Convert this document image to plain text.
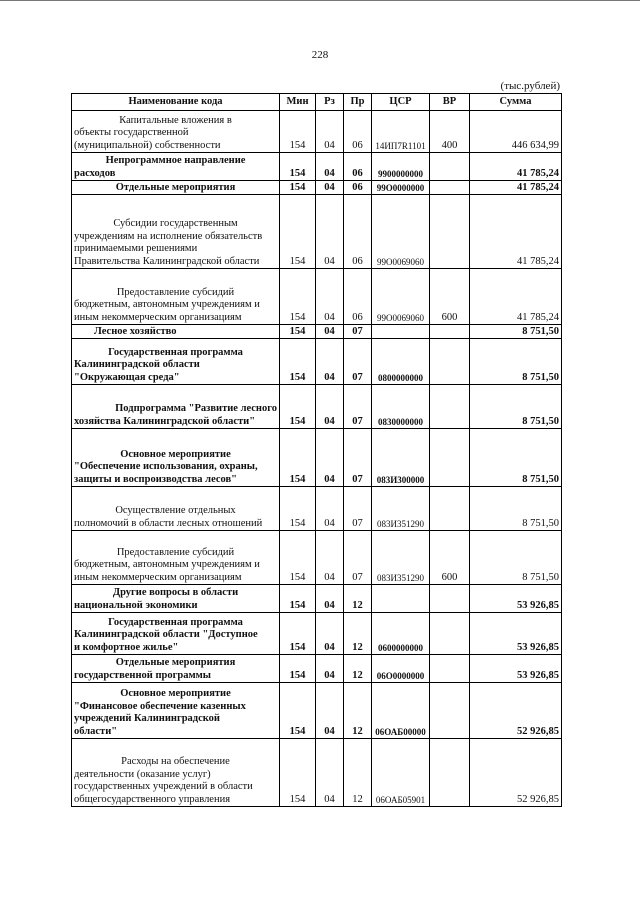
228
(тыс.рублей)
Наименование кода	Мин	Рз	Пр	ЦСР	ВР	Сумма

Капитальные вложения в
объекты государственной
(муниципальной) собственности	154	04	06	14ИП7R1101	400	446 634,99

Непрограммное направление
расходов	154	04	06	9900000000		41 785,24

Отдельные мероприятия	154	04	06	99О0000000		41 785,24

Субсидии государственным
учреждениям на исполнение обязательств
принимаемыми решениями
Правительства Калининградской области	154	04	06	99О0069060		41 785,24

Предоставление субсидий
бюджетным, автономным учреждениям и
иным некоммерческим организациям	154	04	06	99О0069060	600	41 785,24

Лесное хозяйство	154	04	07			8 751,50

Государственная программа
Калининградской области
"Окружающая среда"	154	04	07	0800000000		8 751,50

Подпрограмма "Развитие лесного
хозяйства Калининградской области"	154	04	07	0830000000		8 751,50

Основное мероприятие
"Обеспечение использования, охраны,
защиты и воспроизводства лесов"	154	04	07	083И300000		8 751,50

Осуществление отдельных
полномочий в области лесных отношений	154	04	07	083И351290		8 751,50

Предоставление субсидий
бюджетным, автономным учреждениям и
иным некоммерческим организациям	154	04	07	083И351290	600	8 751,50

Другие вопросы в области
национальной экономики	154	04	12			53 926,85

Государственная программа
Калининградской области "Доступное
и комфортное жилье"	154	04	12	0600000000		53 926,85

Отдельные мероприятия
государственной программы	154	04	12	06О0000000		53 926,85

Основное мероприятие
"Финансовое обеспечение казенных
учреждений Калининградской
области"	154	04	12	06ОАБ00000		52 926,85

Расходы на обеспечение
деятельности (оказание услуг)
государственных учреждений в области
общегосударственного управления	154	04	12	06ОАБ05901		52 926,85
